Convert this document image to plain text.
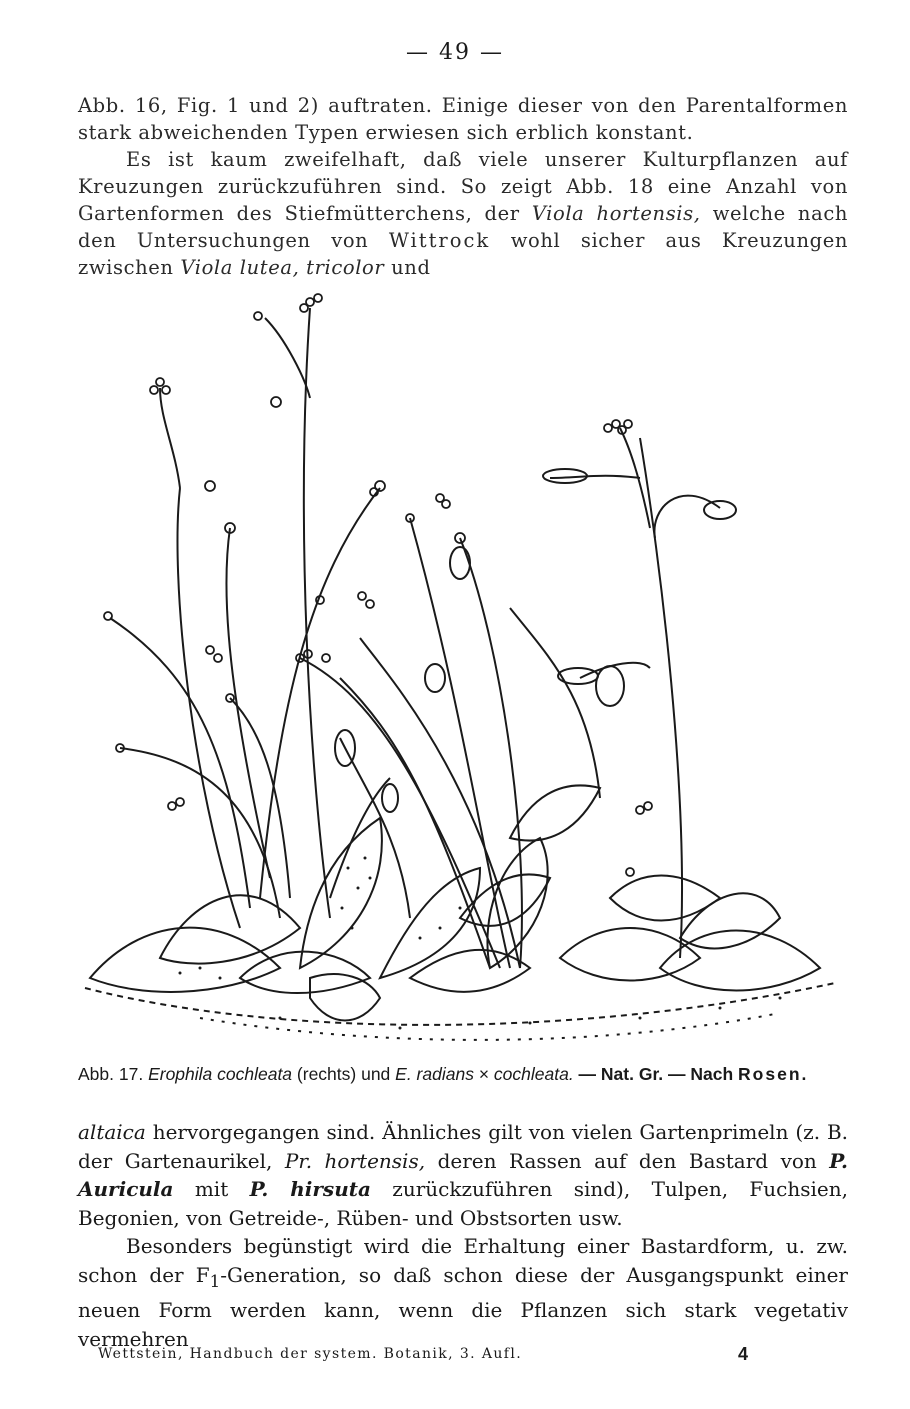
— 49 —

Abb. 16, Fig. 1 und 2) auftraten. Einige dieser von den Parentalformen stark abweichenden Typen erwiesen sich erblich konstant.

Es ist kaum zweifelhaft, daß viele unserer Kulturpflanzen auf Kreuzungen zurückzuführen sind. So zeigt Abb. 18 eine Anzahl von Gartenformen des Stiefmütterchens, der Viola hortensis, welche nach den Untersuchungen von Wittrock wohl sicher aus Kreuzungen zwischen Viola lutea, tricolor und

Abb. 17. Erophila cochleata (rechts) und E. radians × cochleata. — Nat. Gr. — Nach Rosen.

altaica hervorgegangen sind. Ähnliches gilt von vielen Gartenprimeln (z. B. der Gartenaurikel, Pr. hortensis, deren Rassen auf den Bastard von P. Auricula mit P. hirsuta zurückzuführen sind), Tulpen, Fuchsien, Begonien, von Getreide-, Rüben- und Obstsorten usw.

Besonders begünstigt wird die Erhaltung einer Bastardform, u. zw. schon der $F_1$-Generation, so daß schon diese der Ausgangspunkt einer neuen Form werden kann, wenn die Pflanzen sich stark vegetativ vermehren

Wettstein, Handbuch der system. Botanik, 3. Aufl.	4
